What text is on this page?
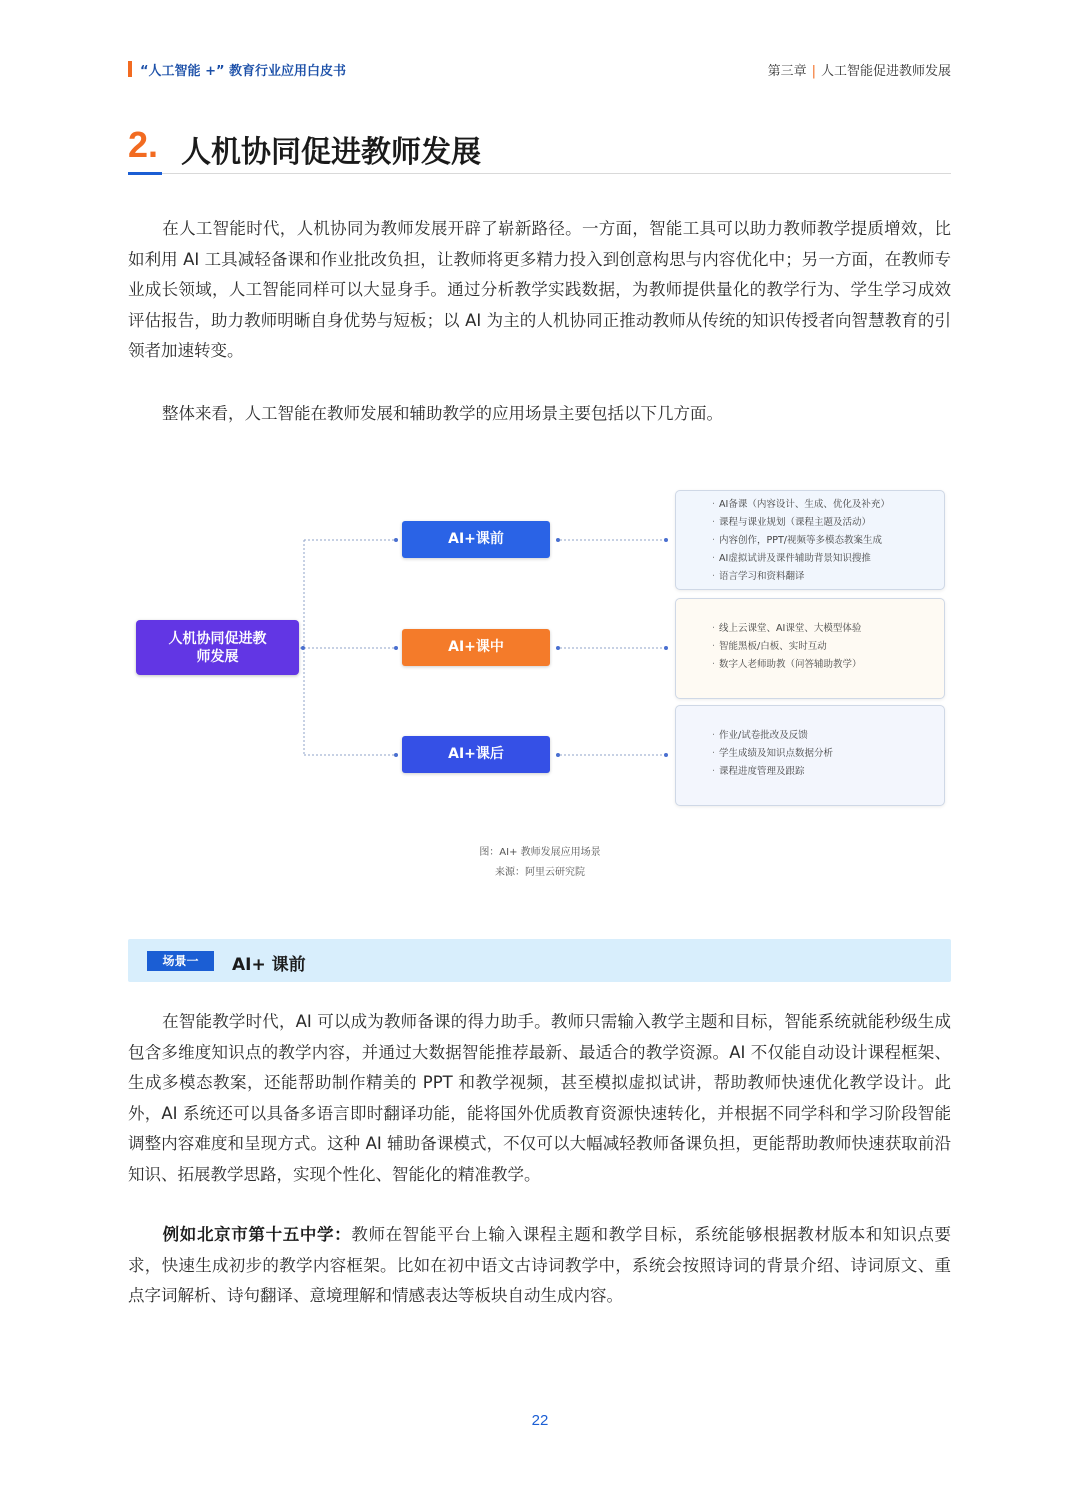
“人工智能 +” 教育行业应用白皮书	第三章 | 人工智能促进教师发展
2. 人机协同促进教师发展
在人工智能时代，人机协同为教师发展开辟了崭新路径。一方面，智能工具可以助力教师教学提质增效，比如利用 AI 工具减轻备课和作业批改负担，让教师将更多精力投入到创意构思与内容优化中；另一方面，在教师专业成长领域，人工智能同样可以大显身手。通过分析教学实践数据，为教师提供量化的教学行为、学生学习成效评估报告，助力教师明晰自身优势与短板；以 AI 为主的人机协同正推动教师从传统的知识传授者向智慧教育的引领者加速转变。
整体来看，人工智能在教师发展和辅助教学的应用场景主要包括以下几方面。
人机协同促进教师发展
AI+课前
AI+课中
AI+课后
· AI备课（内容设计、生成、优化及补充）
· 课程与课业规划（课程主题及活动）
· 内容创作，PPT/视频等多模态教案生成
· AI虚拟试讲及课件辅助背景知识搜推
· 语言学习和资料翻译
· 线上云课堂、AI课堂、大模型体验
· 智能黑板/白板、实时互动
· 数字人老师助教（问答辅助教学）
· 作业/试卷批改及反馈
· 学生成绩及知识点数据分析
· 课程进度管理及跟踪
图：AI+ 教师发展应用场景
来源：阿里云研究院
场景一	AI+ 课前
在智能教学时代，AI 可以成为教师备课的得力助手。教师只需输入教学主题和目标，智能系统就能秒级生成包含多维度知识点的教学内容，并通过大数据智能推荐最新、最适合的教学资源。AI 不仅能自动设计课程框架、生成多模态教案，还能帮助制作精美的 PPT 和教学视频，甚至模拟虚拟试讲，帮助教师快速优化教学设计。此外，AI 系统还可以具备多语言即时翻译功能，能将国外优质教育资源快速转化，并根据不同学科和学习阶段智能调整内容难度和呈现方式。这种 AI 辅助备课模式，不仅可以大幅减轻教师备课负担，更能帮助教师快速获取前沿知识、拓展教学思路，实现个性化、智能化的精准教学。
例如北京市第十五中学：教师在智能平台上输入课程主题和教学目标，系统能够根据教材版本和知识点要求，快速生成初步的教学内容框架。比如在初中语文古诗词教学中，系统会按照诗词的背景介绍、诗词原文、重点字词解析、诗句翻译、意境理解和情感表达等板块自动生成内容。
22
